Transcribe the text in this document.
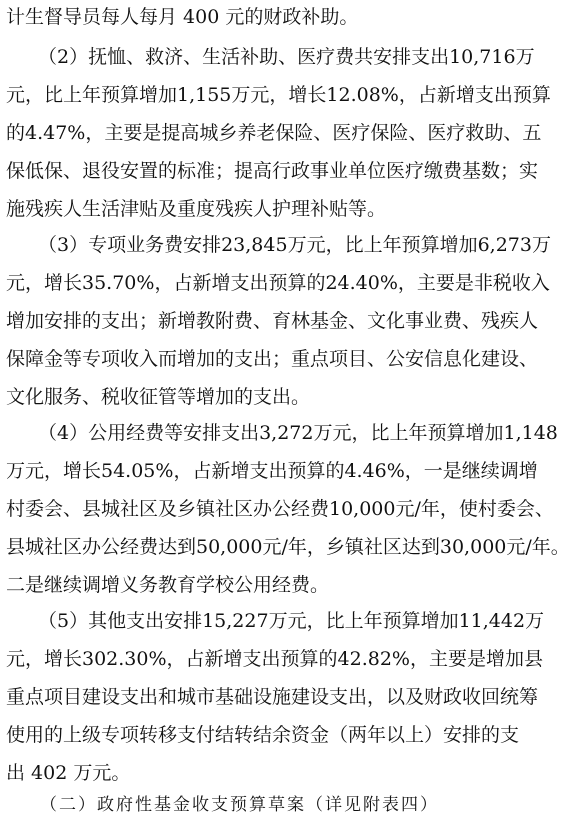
计生督导员每人每月 400 元的财政补助。
（2）抚恤、救济、生活补助、医疗费共安排支出10,716万
元，比上年预算增加1,155万元，增长12.08%，占新增支出预算
的4.47%，主要是提高城乡养老保险、医疗保险、医疗救助、五
保低保、退役安置的标准；提高行政事业单位医疗缴费基数；实
施残疾人生活津贴及重度残疾人护理补贴等。
（3）专项业务费安排23,845万元，比上年预算增加6,273万
元，增长35.70%，占新增支出预算的24.40%，主要是非税收入
增加安排的支出；新增教附费、育林基金、文化事业费、残疾人
保障金等专项收入而增加的支出；重点项目、公安信息化建设、
文化服务、税收征管等增加的支出。
（4）公用经费等安排支出3,272万元，比上年预算增加1,148
万元，增长54.05%，占新增支出预算的4.46%，一是继续调增
村委会、县城社区及乡镇社区办公经费10,000元/年，使村委会、
县城社区办公经费达到50,000元/年，乡镇社区达到30,000元/年。
二是继续调增义务教育学校公用经费。
（5）其他支出安排15,227万元，比上年预算增加11,442万
元，增长302.30%，占新增支出预算的42.82%，主要是增加县
重点项目建设支出和城市基础设施建设支出，以及财政收回统筹
使用的上级专项转移支付结转结余资金（两年以上）安排的支
出 402 万元。
（二）政府性基金收支预算草案（详见附表四）
